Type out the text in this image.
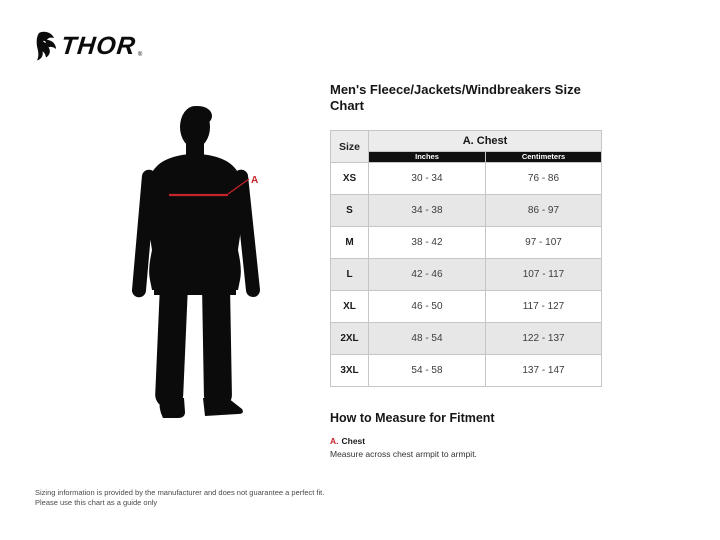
THOR ®
A
Men's Fleece/Jackets/Windbreakers Size Chart
Size	A. Chest	
	Inches	Centimeters
XS	30 - 34	76 - 86
S	34 - 38	86 - 97
M	38 - 42	97 - 107
L	42 - 46	107 - 117
XL	46 - 50	117 - 127
2XL	48 - 54	122 - 137
3XL	54 - 58	137 - 147
How to Measure for Fitment
A. Chest
Measure across chest armpit to armpit.
Sizing information is provided by the manufacturer and does not guarantee a perfect fit.
Please use this chart as a guide only
